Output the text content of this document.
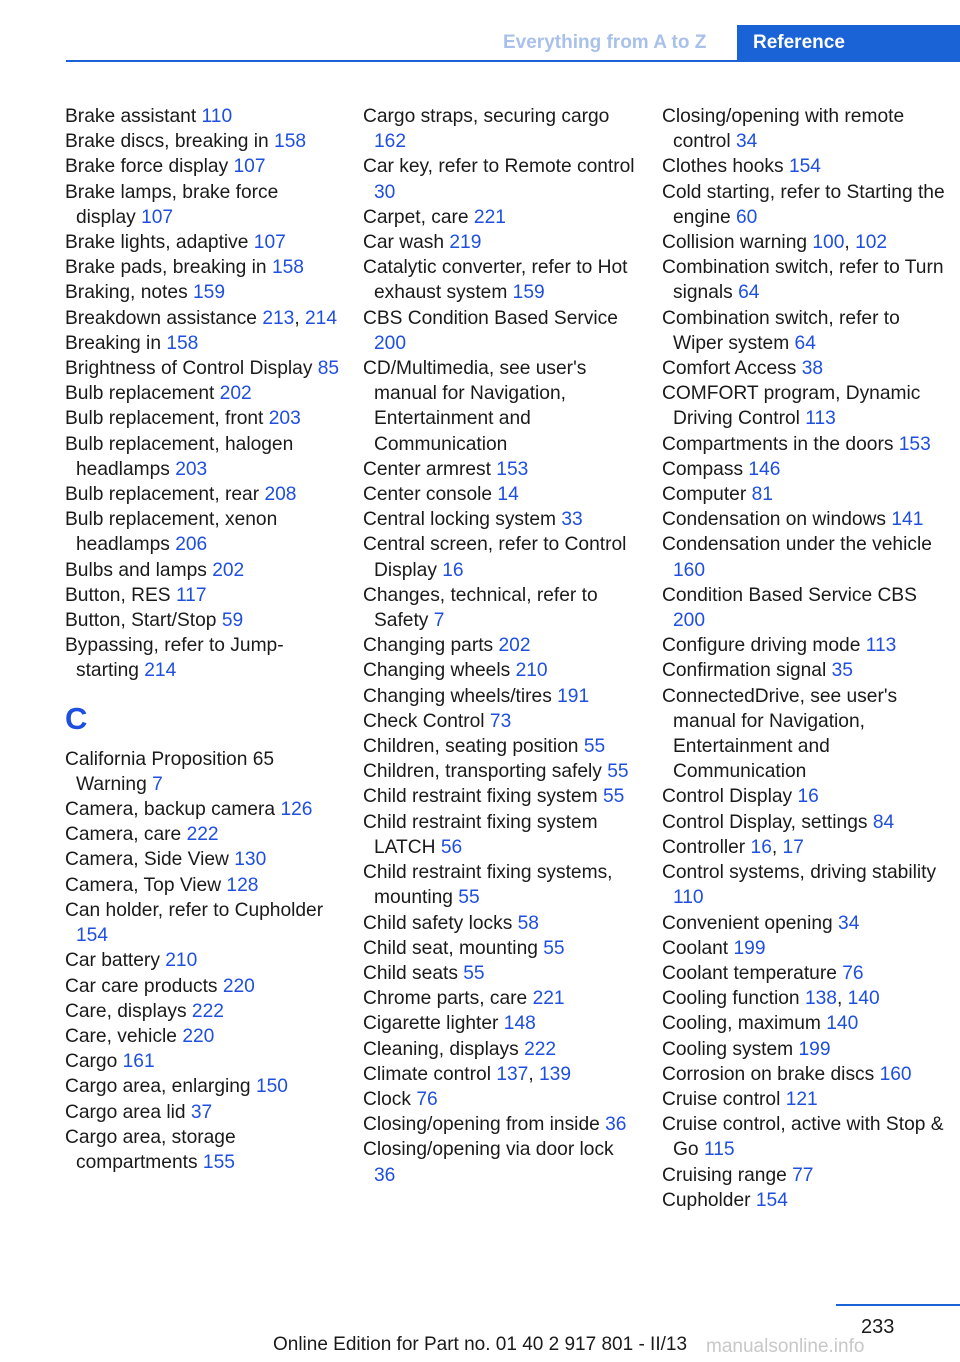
Everything from A to Z	Reference
Brake assistant 110
Brake discs, breaking in 158
Brake force display 107
Brake lamps, brake force display 107
Brake lights, adaptive 107
Brake pads, breaking in 158
Braking, notes 159
Breakdown assistance 213, 214
Breaking in 158
Brightness of Control Display 85
Bulb replacement 202
Bulb replacement, front 203
Bulb replacement, halogen headlamps 203
Bulb replacement, rear 208
Bulb replacement, xenon headlamps 206
Bulbs and lamps 202
Button, RES 117
Button, Start/Stop 59
Bypassing, refer to Jump-starting 214
C
California Proposition 65 Warning 7
Camera, backup camera 126
Camera, care 222
Camera, Side View 130
Camera, Top View 128
Can holder, refer to Cupholder 154
Car battery 210
Car care products 220
Care, displays 222
Care, vehicle 220
Cargo 161
Cargo area, enlarging 150
Cargo area lid 37
Cargo area, storage compartments 155
Cargo straps, securing cargo 162
Car key, refer to Remote control 30
Carpet, care 221
Car wash 219
Catalytic converter, refer to Hot exhaust system 159
CBS Condition Based Service 200
CD/Multimedia, see user's manual for Navigation, Entertainment and Communication
Center armrest 153
Center console 14
Central locking system 33
Central screen, refer to Control Display 16
Changes, technical, refer to Safety 7
Changing parts 202
Changing wheels 210
Changing wheels/tires 191
Check Control 73
Children, seating position 55
Children, transporting safely 55
Child restraint fixing system 55
Child restraint fixing system LATCH 56
Child restraint fixing systems, mounting 55
Child safety locks 58
Child seat, mounting 55
Child seats 55
Chrome parts, care 221
Cigarette lighter 148
Cleaning, displays 222
Climate control 137, 139
Clock 76
Closing/opening from inside 36
Closing/opening via door lock 36
Closing/opening with remote control 34
Clothes hooks 154
Cold starting, refer to Starting the engine 60
Collision warning 100, 102
Combination switch, refer to Turn signals 64
Combination switch, refer to Wiper system 64
Comfort Access 38
COMFORT program, Dynamic Driving Control 113
Compartments in the doors 153
Compass 146
Computer 81
Condensation on windows 141
Condensation under the vehicle 160
Condition Based Service CBS 200
Configure driving mode 113
Confirmation signal 35
ConnectedDrive, see user's manual for Navigation, Entertainment and Communication
Control Display 16
Control Display, settings 84
Controller 16, 17
Control systems, driving stability 110
Convenient opening 34
Coolant 199
Coolant temperature 76
Cooling function 138, 140
Cooling, maximum 140
Cooling system 199
Corrosion on brake discs 160
Cruise control 121
Cruise control, active with Stop & Go 115
Cruising range 77
Cupholder 154
233
Online Edition for Part no. 01 40 2 917 801 - II/13 manualsonline.info
